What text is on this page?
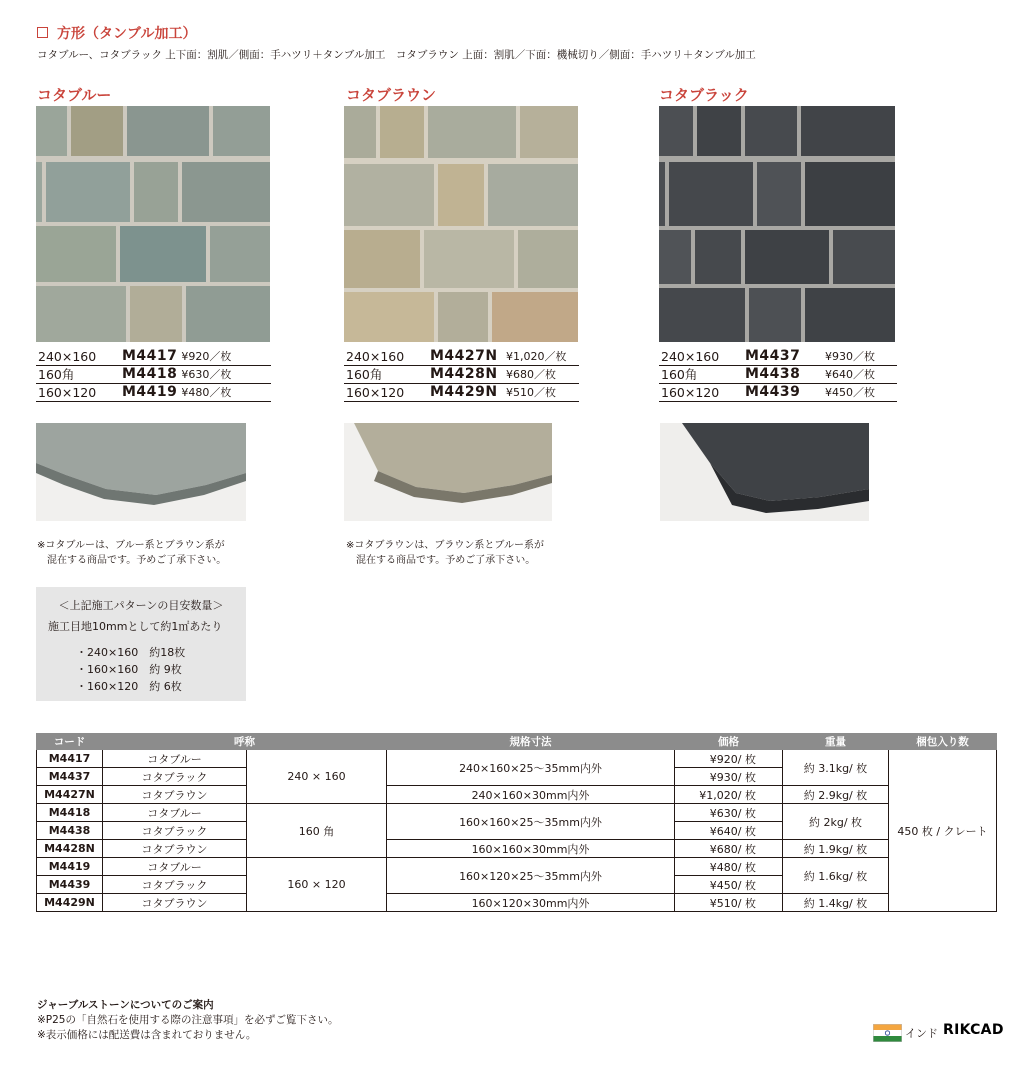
方形（タンブル加工）
コタブルー、コタブラック 上下面：割肌／側面：手ハツリ＋タンブル加工　コタブラウン 上面：割肌／下面：機械切り／側面：手ハツリ＋タンブル加工
コタブルー	コタブラウン	コタブラック
240×160	M4417	¥920／枚
160角	M4418	¥630／枚
160×120	M4419	¥480／枚
240×160	M4427N	¥1,020／枚
160角	M4428N	¥680／枚
160×120	M4429N	¥510／枚
240×160	M4437	¥930／枚
160角	M4438	¥640／枚
160×120	M4439	¥450／枚
※コタブルーは、ブルー系とブラウン系が
　混在する商品です。予めご了承下さい。
※コタブラウンは、ブラウン系とブルー系が
　混在する商品です。予めご了承下さい。
＜上記施工パターンの目安数量＞
施工目地10mmとして約1㎡あたり
・240×160　約18枚
・160×160　約 9枚
・160×120　約 6枚
コード	呼称		規格寸法	価格	重量	梱包入り数
M4417	コタブルー	240 × 160	240×160×25～35mm内外	¥920/ 枚	約 3.1kg/ 枚	450 枚 / クレート
M4437	コタブラック			¥930/ 枚		
M4427N	コタブラウン		240×160×30mm内外	¥1,020/ 枚	約 2.9kg/ 枚	
M4418	コタブルー	160 角	160×160×25～35mm内外	¥630/ 枚	約 2kg/ 枚	
M4438	コタブラック			¥640/ 枚		
M4428N	コタブラウン		160×160×30mm内外	¥680/ 枚	約 1.9kg/ 枚	
M4419	コタブルー	160 × 120	160×120×25～35mm内外	¥480/ 枚	約 1.6kg/ 枚	
M4439	コタブラック			¥450/ 枚		
M4429N	コタブラウン		160×120×30mm内外	¥510/ 枚	約 1.4kg/ 枚	
ジャーブルストーンについてのご案内
※P25の「自然石を使用する際の注意事項」を必ずご覧下さい。
※表示価格には配送費は含まれておりません。	インド RIKCAD
